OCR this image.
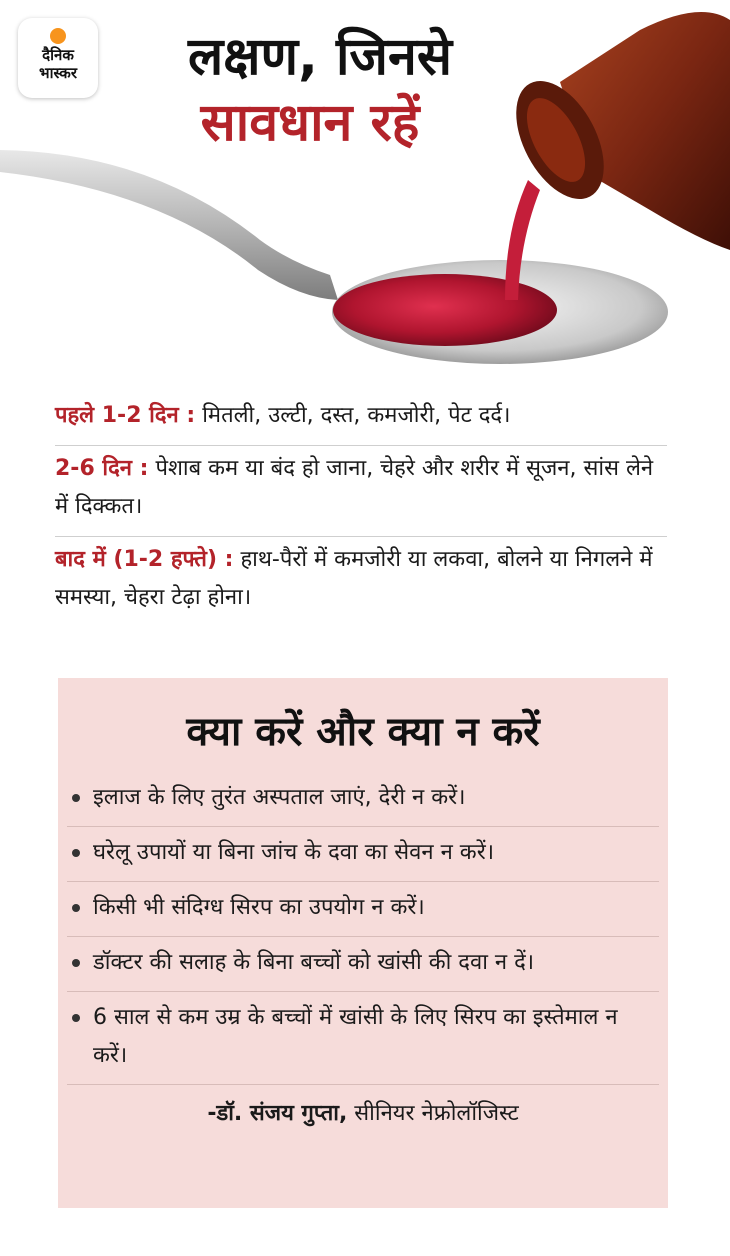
दैनिक
भास्कर	लक्षण, जिनसे
सावधान रहें
पहले 1-2 दिन : मितली, उल्टी, दस्त, कमजोरी, पेट दर्द।
2-6 दिन : पेशाब कम या बंद हो जाना, चेहरे और शरीर में सूजन, सांस लेने में दिक्कत।
बाद में (1-2 हफ्ते) : हाथ-पैरों में कमजोरी या लकवा, बोलने या निगलने में समस्या, चेहरा टेढ़ा होना।
क्या करें और क्या न करें
इलाज के लिए तुरंत अस्पताल जाएं, देरी न करें।
घरेलू उपायों या बिना जांच के दवा का सेवन न करें।
किसी भी संदिग्ध सिरप का उपयोग न करें।
डॉक्टर की सलाह के बिना बच्चों को खांसी की दवा न दें।
6 साल से कम उम्र के बच्चों में खांसी के लिए सिरप का इस्तेमाल न करें।
-डॉ. संजय गुप्ता, सीनियर नेफ्रोलॉजिस्ट
